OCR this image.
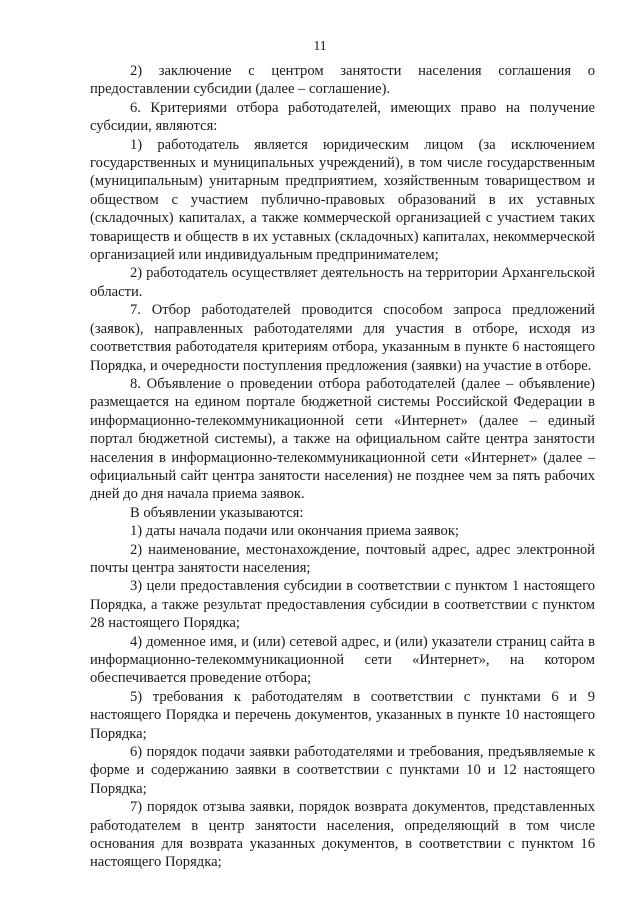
11

2) заключение с центром занятости населения соглашения о предоставлении субсидии (далее – соглашение).

6. Критериями отбора работодателей, имеющих право на получение субсидии, являются:

1) работодатель является юридическим лицом (за исключением государственных и муниципальных учреждений), в том числе государственным (муниципальным) унитарным предприятием, хозяйственным товариществом и обществом с участием публично-правовых образований в их уставных (складочных) капиталах, а также коммерческой организацией с участием таких товариществ и обществ в их уставных (складочных) капиталах, некоммерческой организацией или индивидуальным предпринимателем;

2) работодатель осуществляет деятельность на территории Архангельской области.

7. Отбор работодателей проводится способом запроса предложений (заявок), направленных работодателями для участия в отборе, исходя из соответствия работодателя критериям отбора, указанным в пункте 6 настоящего Порядка, и очередности поступления предложения (заявки) на участие в отборе.

8. Объявление о проведении отбора работодателей (далее – объявление) размещается на едином портале бюджетной системы Российской Федерации в информационно-телекоммуникационной сети «Интернет» (далее – единый портал бюджетной системы), а также на официальном сайте центра занятости населения в информационно-телекоммуникационной сети «Интернет» (далее – официальный сайт центра занятости населения) не позднее чем за пять рабочих дней до дня начала приема заявок.

В объявлении указываются:

1) даты начала подачи или окончания приема заявок;

2) наименование, местонахождение, почтовый адрес, адрес электронной почты центра занятости населения;

3) цели предоставления субсидии в соответствии с пунктом 1 настоящего Порядка, а также результат предоставления субсидии в соответствии с пунктом 28 настоящего Порядка;

4) доменное имя, и (или) сетевой адрес, и (или) указатели страниц сайта в информационно-телекоммуникационной сети «Интернет», на котором обеспечивается проведение отбора;

5) требования к работодателям в соответствии с пунктами 6 и 9 настоящего Порядка и перечень документов, указанных в пункте 10 настоящего Порядка;

6) порядок подачи заявки работодателями и требования, предъявляемые к форме и содержанию заявки в соответствии с пунктами 10 и 12 настоящего Порядка;

7) порядок отзыва заявки, порядок возврата документов, представленных работодателем в центр занятости населения, определяющий в том числе основания для возврата указанных документов, в соответствии с пунктом 16 настоящего Порядка;
